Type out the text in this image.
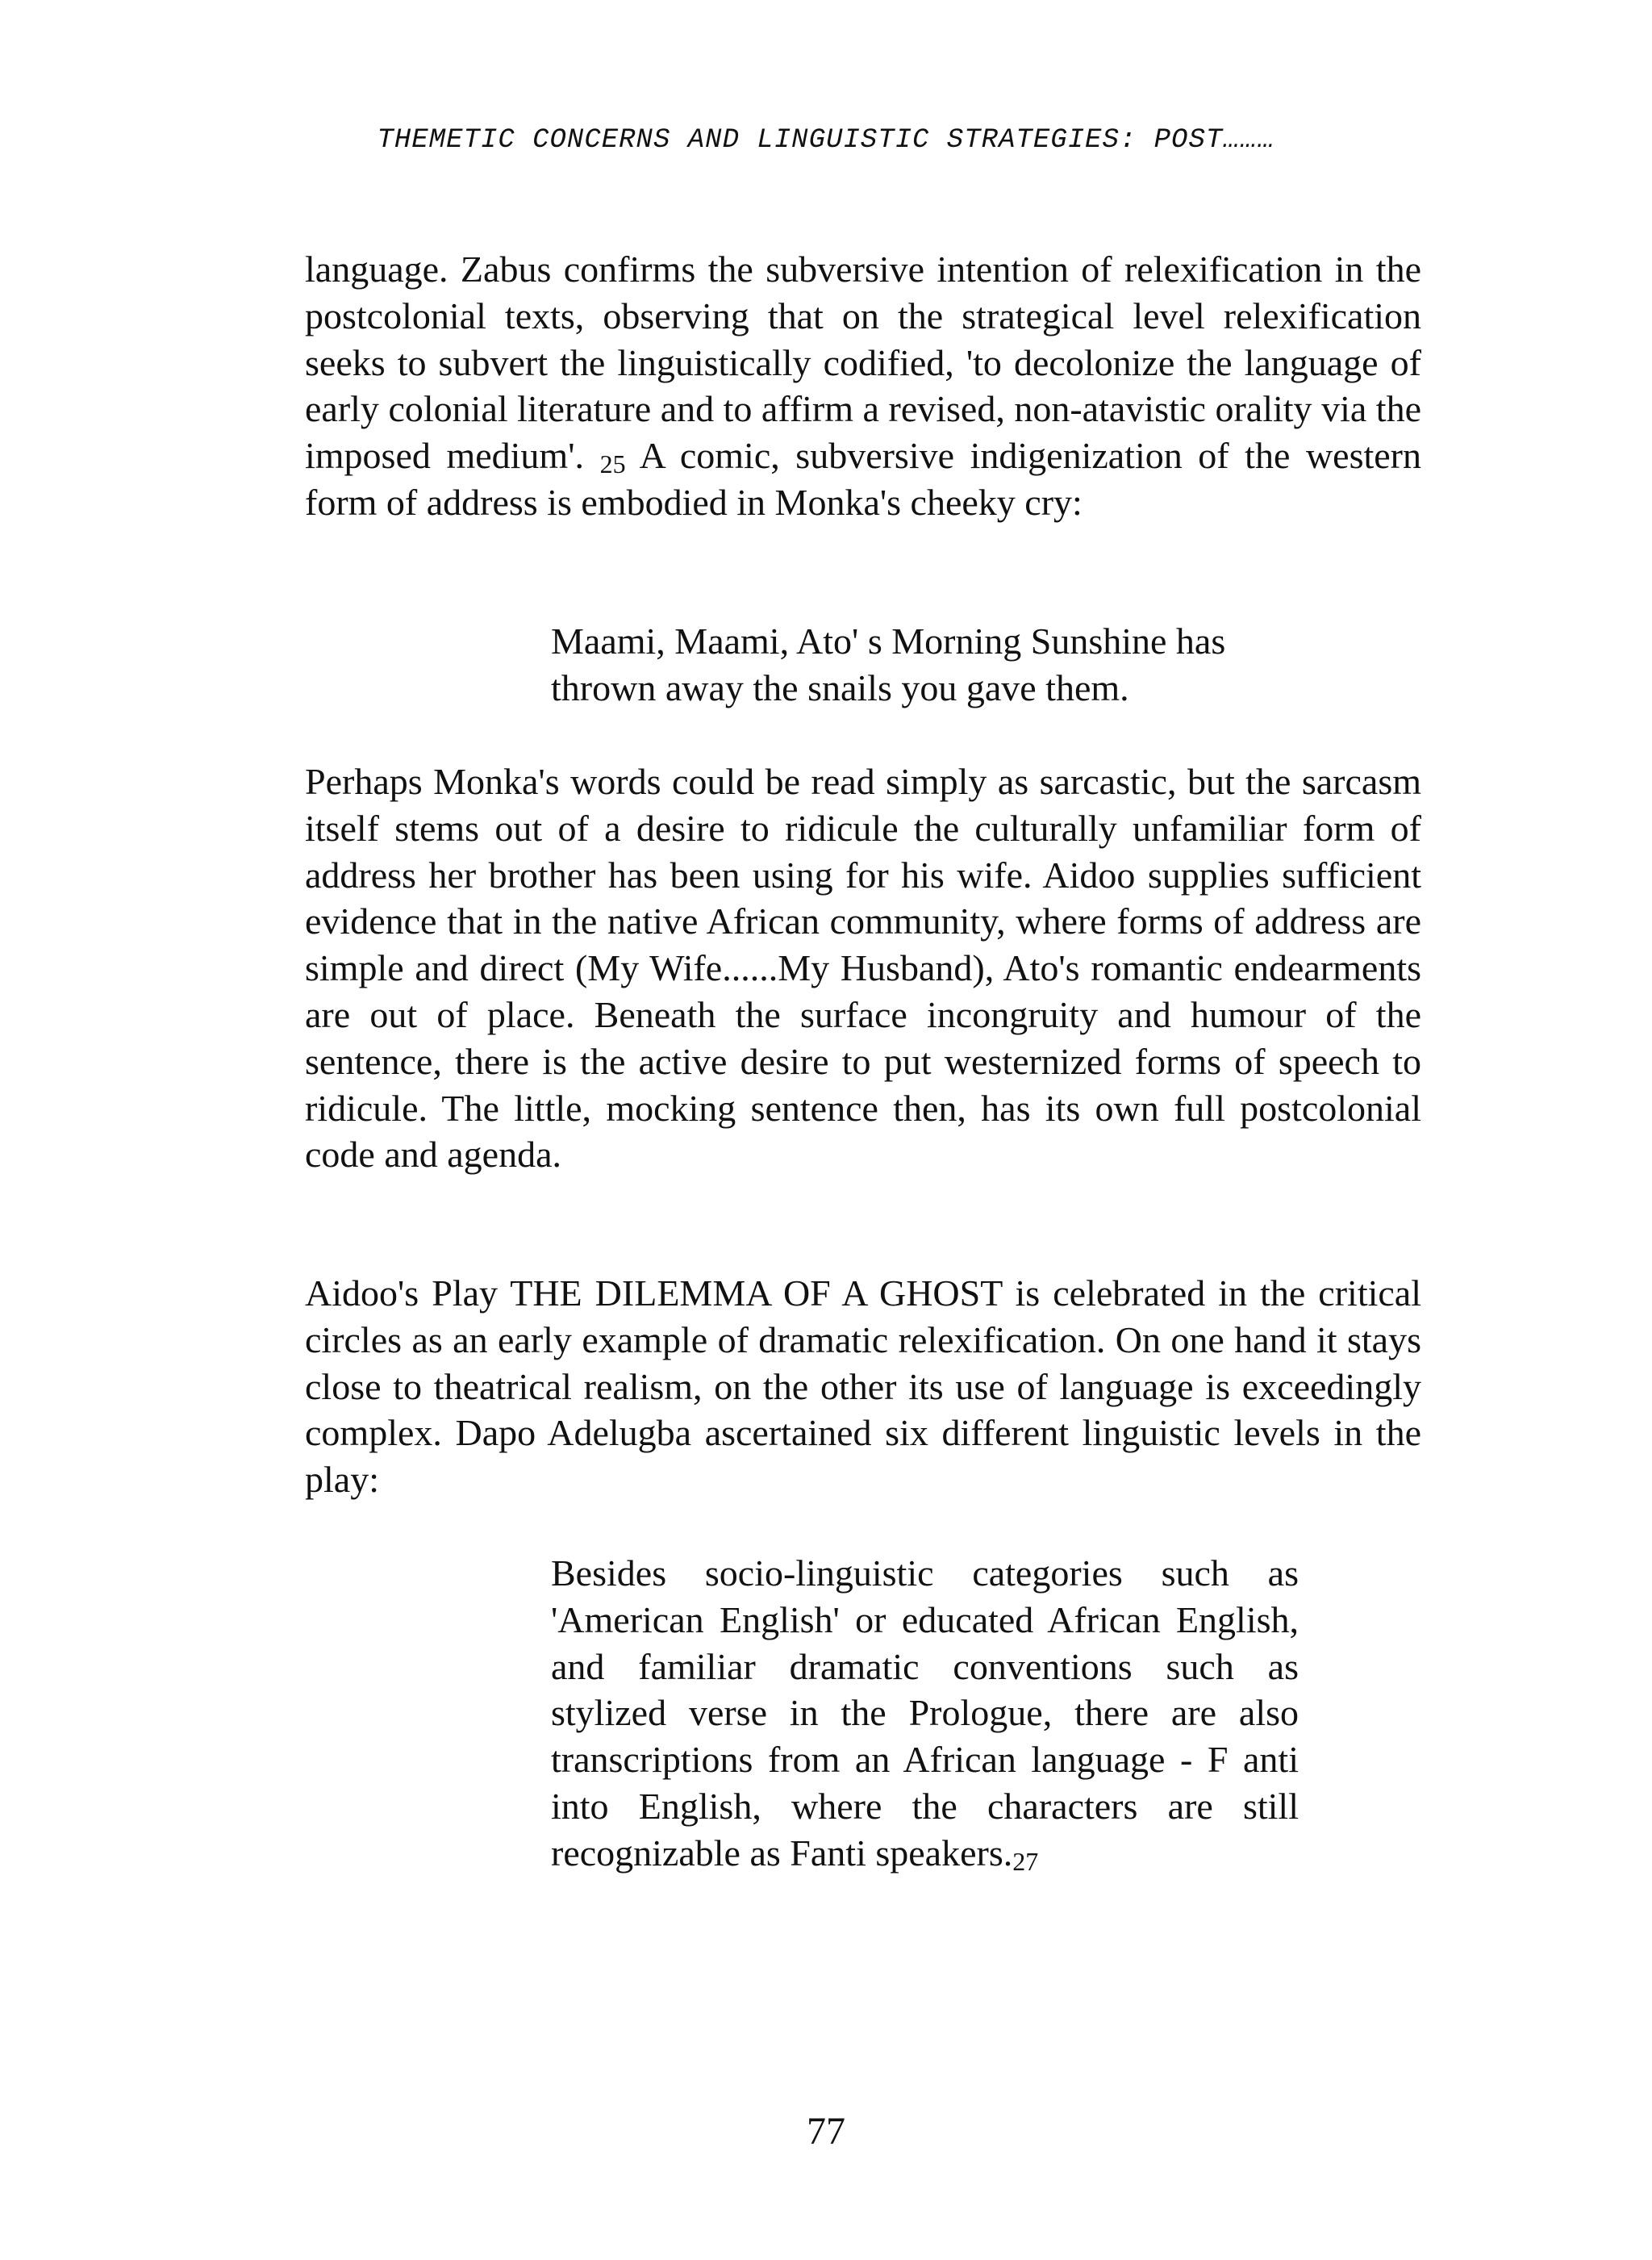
THEMETIC CONCERNS AND LINGUISTIC STRATEGIES: POST………

language. Zabus confirms the subversive intention of relexification in the postcolonial texts, observing that on the strategical level relexification seeks to subvert the linguistically codified, 'to decolonize the language of early colonial literature and to affirm a revised, non-atavistic orality via the imposed medium'. 25 A comic, subversive indigenization of the western form of address is embodied in Monka's cheeky cry:

Maami, Maami, Ato' s Morning Sunshine has
thrown away the snails you gave them.

Perhaps Monka's words could be read simply as sarcastic, but the sarcasm itself stems out of a desire to ridicule the culturally unfamiliar form of address her brother has been using for his wife. Aidoo supplies sufficient evidence that in the native African community, where forms of address are simple and direct (My Wife......My Husband), Ato's romantic endearments are out of place. Beneath the surface incongruity and humour of the sentence, there is the active desire to put westernized forms of speech to ridicule. The little, mocking sentence then, has its own full postcolonial code and agenda.

Aidoo's Play THE DILEMMA OF A GHOST is celebrated in the critical circles as an early example of dramatic relexification. On one hand it stays close to theatrical realism, on the other its use of language is exceedingly complex. Dapo Adelugba ascertained six different linguistic levels in the play:

Besides socio-linguistic categories such as 'American English' or educated African English, and familiar dramatic conventions such as stylized verse in the Prologue, there are also transcriptions from an African language - F anti into English, where the characters are still recognizable as Fanti speakers.27

77
